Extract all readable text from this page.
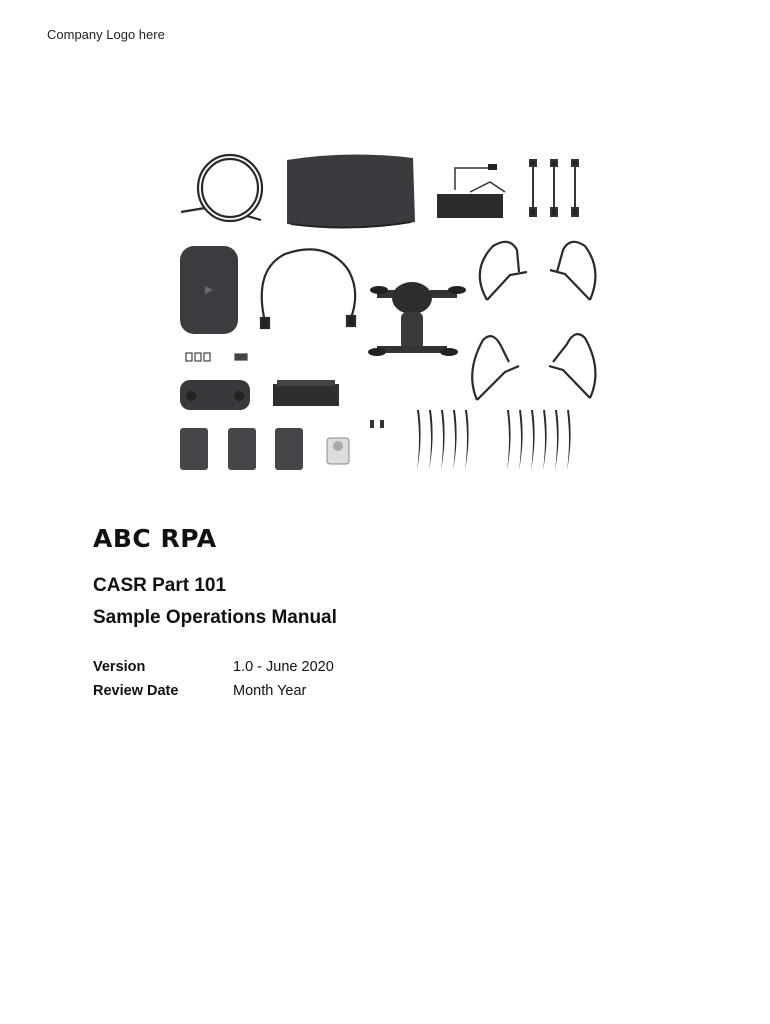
Company Logo here
ABC RPA
CASR Part 101
Sample Operations Manual
Version	1.0 - June 2020
Review Date	Month Year
